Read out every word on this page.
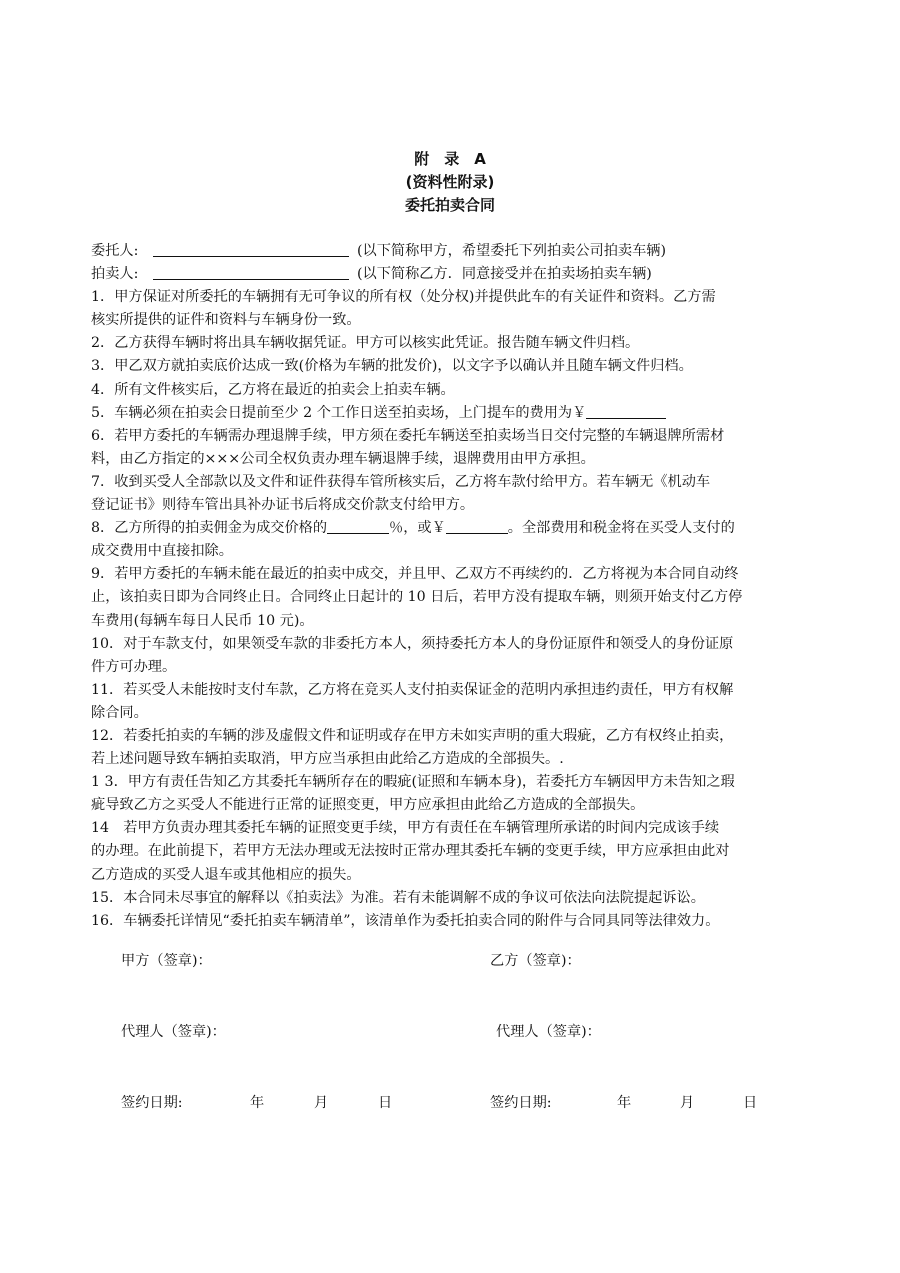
附　录　A
(资料性附录)
委托拍卖合同
委托人:	(以下简称甲方，希望委托下列拍卖公司拍卖车辆)
拍卖人:	(以下简称乙方．同意接受并在拍卖场拍卖车辆)
1．甲方保证对所委托的车辆拥有无可争议的所有权（处分权)并提供此车的有关证件和资料。乙方需
核实所提供的证件和资料与车辆身份一致。
2．乙方获得车辆时将出具车辆收据凭证。甲方可以核实此凭证。报告随车辆文件归档。
3．甲乙双方就拍卖底价达成一致(价格为车辆的批发价)，以文字予以确认并且随车辆文件归档。
4．所有文件核实后，乙方将在最近的拍卖会上拍卖车辆。
5．车辆必须在拍卖会日提前至少 2 个工作日送至拍卖场，上门提车的费用为￥
6．若甲方委托的车辆需办理退牌手续，甲方须在委托车辆送至拍卖场当日交付完整的车辆退牌所需材
料，由乙方指定的×××公司全权负责办理车辆退牌手续，退牌费用由甲方承担。
7．收到买受人全部款以及文件和证件获得车管所核实后，乙方将车款付给甲方。若车辆无《机动车
登记证书》则待车管出具补办证书后将成交价款支付给甲方。
8．乙方所得的拍卖佣金为成交价格的	％，或￥	。全部费用和税金将在买受人支付的
成交费用中直接扣除。
9．若甲方委托的车辆未能在最近的拍卖中成交，并且甲、乙双方不再续约的．乙方将视为本合同自动终
止，该拍卖日即为合同终止日。合同终止日起计的 10 日后，若甲方没有提取车辆，则须开始支付乙方停
车费用(每辆车每日人民币 10 元)。
10．对于车款支付，如果领受车款的非委托方本人，须持委托方本人的身份证原件和领受人的身份证原
件方可办理。
11．若买受人未能按时支付车款，乙方将在竞买人支付拍卖保证金的范明内承担违约责任，甲方有权解
除合同。
12．若委托拍卖的车辆的涉及虚假文件和证明或存在甲方未如实声明的重大瑕疵，乙方有权终止拍卖，
若上述问题导致车辆拍卖取消，甲方应当承担由此给乙方造成的全部损失。.
1 3．甲方有责任告知乙方其委托车辆所存在的暇疵(证照和车辆本身)，若委托方车辆因甲方未告知之瑕
疵导致乙方之买受人不能进行正常的证照变更，甲方应承担由此给乙方造成的全部损失。
14　若甲方负责办理其委托车辆的证照变更手续，甲方有责任在车辆管理所承诺的时间内完成该手续
的办理。在此前提下，若甲方无法办理或无法按时正常办理其委托车辆的变更手续，甲方应承担由此对
乙方造成的买受人退车或其他相应的损失。
15．本合同未尽事宜的解释以《拍卖法》为准。若有未能调解不成的争议可依法向法院提起诉讼。
16．车辆委托详情见“委托拍卖车辆清单”，该清单作为委托拍卖合同的附件与合同具同等法律效力。
甲方（签章)：	乙方（签章)：
代理人（签章)：	代理人（签章)：
签约日期:	年	月	日	签约日期:	年	月	日
